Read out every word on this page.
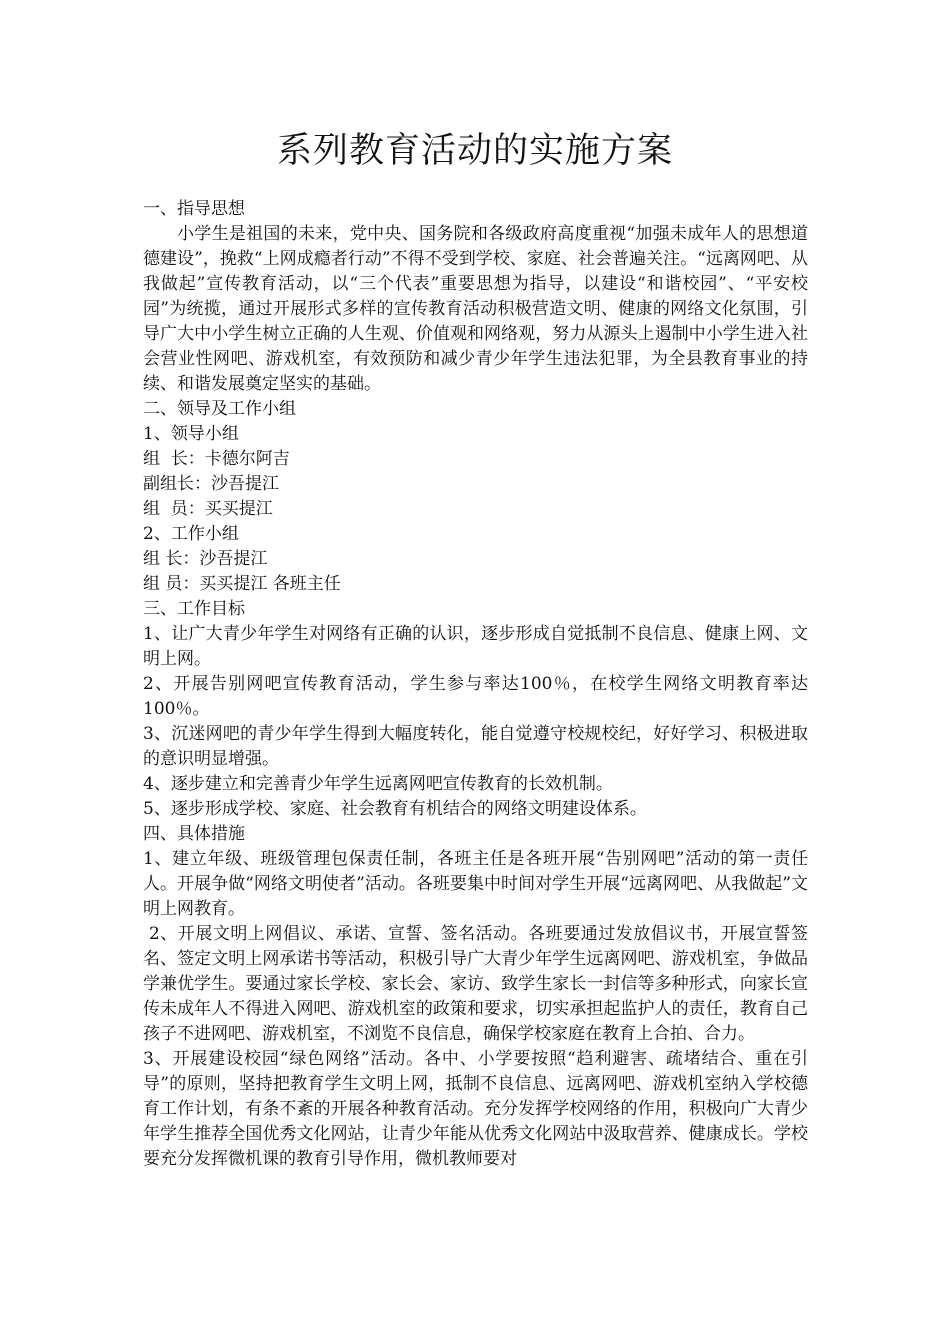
系列教育活动的实施方案

一、指导思想

小学生是祖国的未来，党中央、国务院和各级政府高度重视“加强未成年人的思想道德建设”，挽救“上网成瘾者行动”不得不受到学校、家庭、社会普遍关注。“远离网吧、从我做起”宣传教育活动，以“三个代表”重要思想为指导，以建设“和谐校园”、“平安校园”为统揽，通过开展形式多样的宣传教育活动积极营造文明、健康的网络文化氛围，引导广大中小学生树立正确的人生观、价值观和网络观，努力从源头上遏制中小学生进入社会营业性网吧、游戏机室，有效预防和减少青少年学生违法犯罪，为全县教育事业的持续、和谐发展奠定坚实的基础。

二、领导及工作小组

1、领导小组

组  长：卡德尔阿吉

副组长：沙吾提江

组  员：买买提江

2、工作小组

组 长：沙吾提江

组 员：买买提江 各班主任

三、工作目标

1、让广大青少年学生对网络有正确的认识，逐步形成自觉抵制不良信息、健康上网、文明上网。

2、开展告别网吧宣传教育活动，学生参与率达100％，在校学生网络文明教育率达100％。

3、沉迷网吧的青少年学生得到大幅度转化，能自觉遵守校规校纪，好好学习、积极进取的意识明显增强。

4、逐步建立和完善青少年学生远离网吧宣传教育的长效机制。

5、逐步形成学校、家庭、社会教育有机结合的网络文明建设体系。

四、具体措施

1、建立年级、班级管理包保责任制，各班主任是各班开展“告别网吧”活动的第一责任人。开展争做“网络文明使者”活动。各班要集中时间对学生开展“远离网吧、从我做起”文明上网教育。

2、开展文明上网倡议、承诺、宣誓、签名活动。各班要通过发放倡议书，开展宣誓签名、签定文明上网承诺书等活动，积极引导广大青少年学生远离网吧、游戏机室，争做品学兼优学生。要通过家长学校、家长会、家访、致学生家长一封信等多种形式，向家长宣传未成年人不得进入网吧、游戏机室的政策和要求，切实承担起监护人的责任，教育自己孩子不进网吧、游戏机室，不浏览不良信息，确保学校家庭在教育上合拍、合力。

3、开展建设校园“绿色网络”活动。各中、小学要按照“趋利避害、疏堵结合、重在引导”的原则，坚持把教育学生文明上网，抵制不良信息、远离网吧、游戏机室纳入学校德育工作计划，有条不紊的开展各种教育活动。充分发挥学校网络的作用，积极向广大青少年学生推荐全国优秀文化网站，让青少年能从优秀文化网站中汲取营养、健康成长。学校要充分发挥微机课的教育引导作用，微机教师要对
